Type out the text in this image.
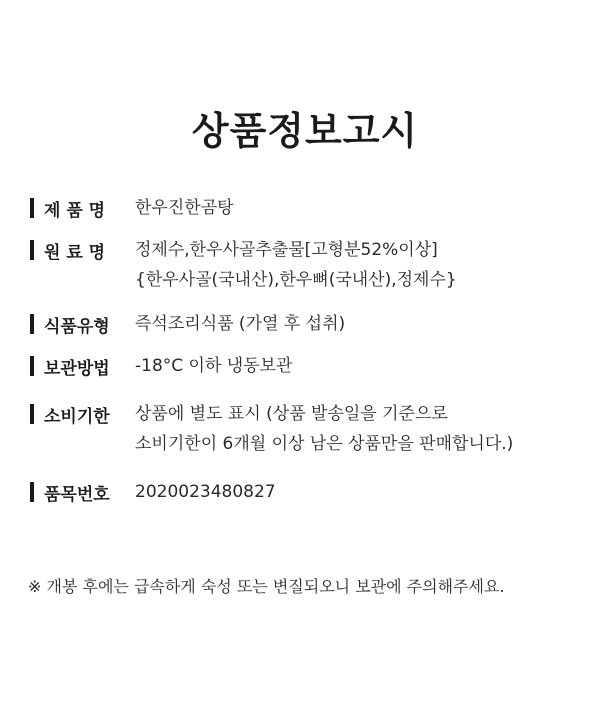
상품정보고시
제 품 명 한우진한곰탕
원 료 명 정제수,한우사골추출물[고형분52%이상]
{한우사골(국내산),한우뼈(국내산),정제수}
식품유형 즉석조리식품 (가열 후 섭취)
보관방법 -18°C 이하 냉동보관
소비기한 상품에 별도 표시 (상품 발송일을 기준으로
소비기한이 6개월 이상 남은 상품만을 판매합니다.)
품목번호 2020023480827
※ 개봉 후에는 급속하게 숙성 또는 변질되오니 보관에 주의해주세요.
